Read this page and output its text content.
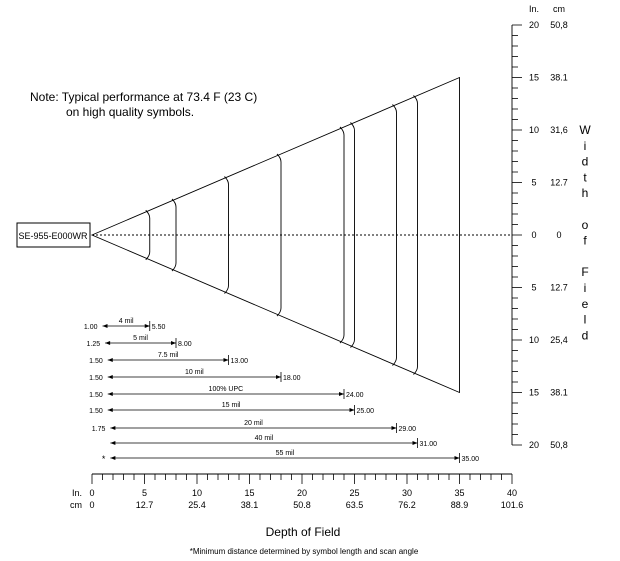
Note: Typical performance at 73.4 F (23 C)
on high quality symbols.
SE-955-E000WR
4 mil
1.00	5.50
5 mil
1.25	8.00
7.5 mil
1.50	13.00
10 mil
1.50	18.00
100% UPC
1.50	24.00
15 mil
1.50	25.00
20 mil
1.75	29.00
40 mil
31.00
55 mil
*	35.00
0
0
5
12.7
10
25.4
15
38.1
20
50.8
25
63.5
30
76.2
35
88.9
40
101.6
In.
cm
20 50,8
15 38.1
10 31,6
5 12.7
0 0
5 12.7
10 25,4
15 38.1
20 50,8
In. cm
Depth of Field
W i d t h o f F i e l d
*Minimum distance determined by symbol length and scan angle
